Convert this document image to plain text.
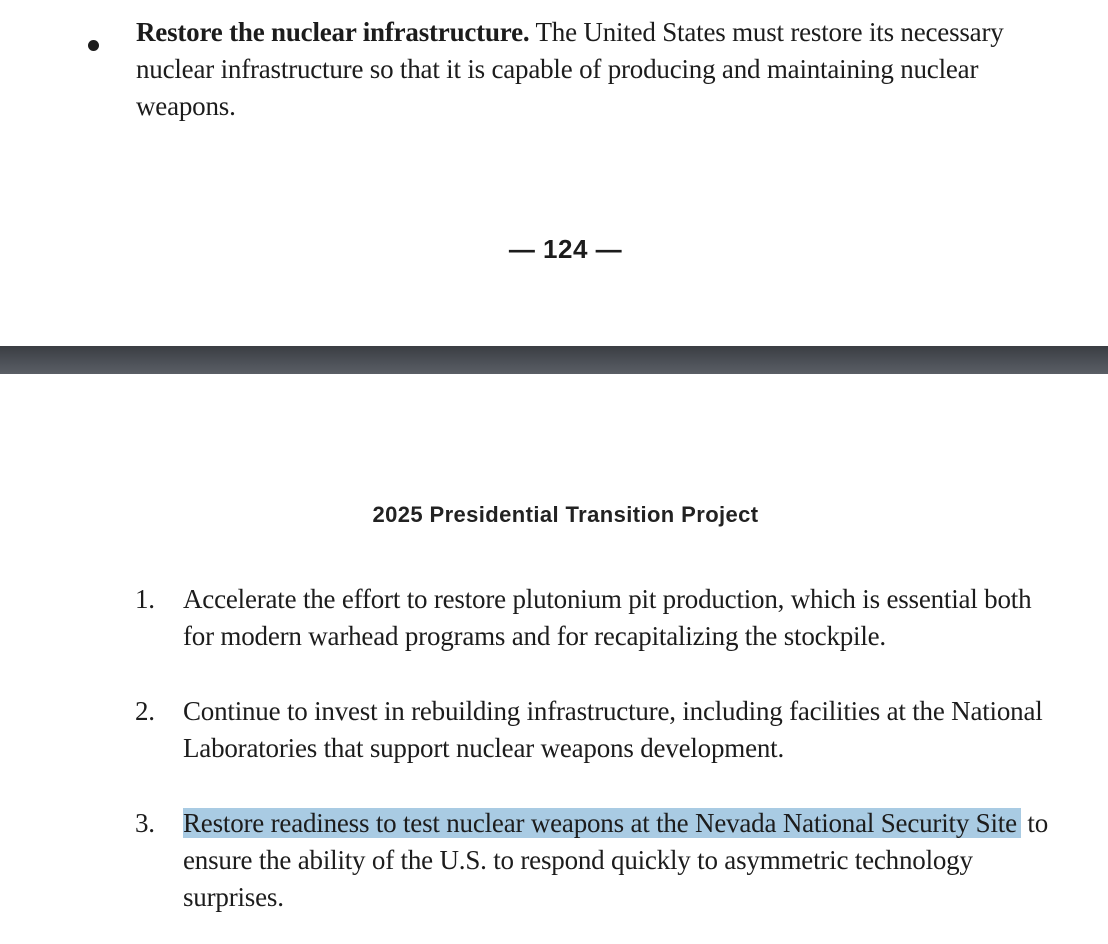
Restore the nuclear infrastructure. The United States must restore its necessary nuclear infrastructure so that it is capable of producing and maintaining nuclear weapons.
— 124 —
2025 Presidential Transition Project
1. Accelerate the effort to restore plutonium pit production, which is essential both for modern warhead programs and for recapitalizing the stockpile.
2. Continue to invest in rebuilding infrastructure, including facilities at the National Laboratories that support nuclear weapons development.
3. Restore readiness to test nuclear weapons at the Nevada National Security Site to ensure the ability of the U.S. to respond quickly to asymmetric technology surprises.
